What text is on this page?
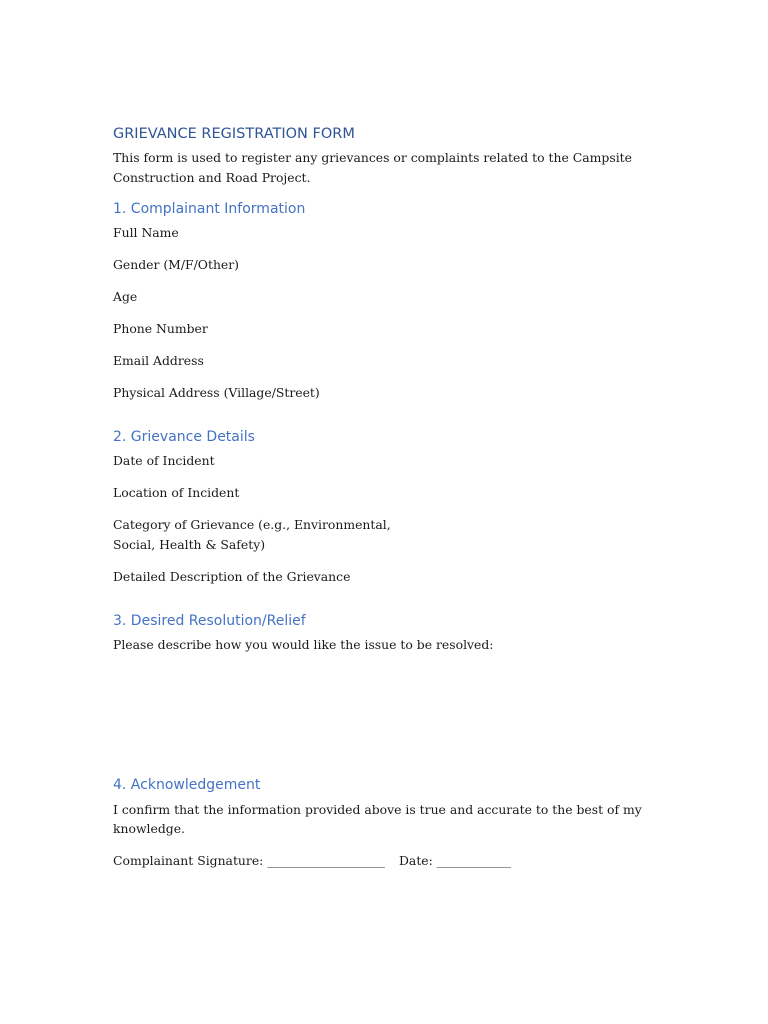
GRIEVANCE REGISTRATION FORM
This form is used to register any grievances or complaints related to the Campsite
Construction and Road Project.
1. Complainant Information
Full Name
Gender (M/F/Other)
Age
Phone Number
Email Address
Physical Address (Village/Street)
2. Grievance Details
Date of Incident
Location of Incident
Category of Grievance (e.g., Environmental,
Social, Health & Safety)
Detailed Description of the Grievance
3. Desired Resolution/Relief
Please describe how you would like the issue to be resolved:
4. Acknowledgement
I confirm that the information provided above is true and accurate to the best of my
knowledge.
Complainant Signature: ___________________ Date: ____________
